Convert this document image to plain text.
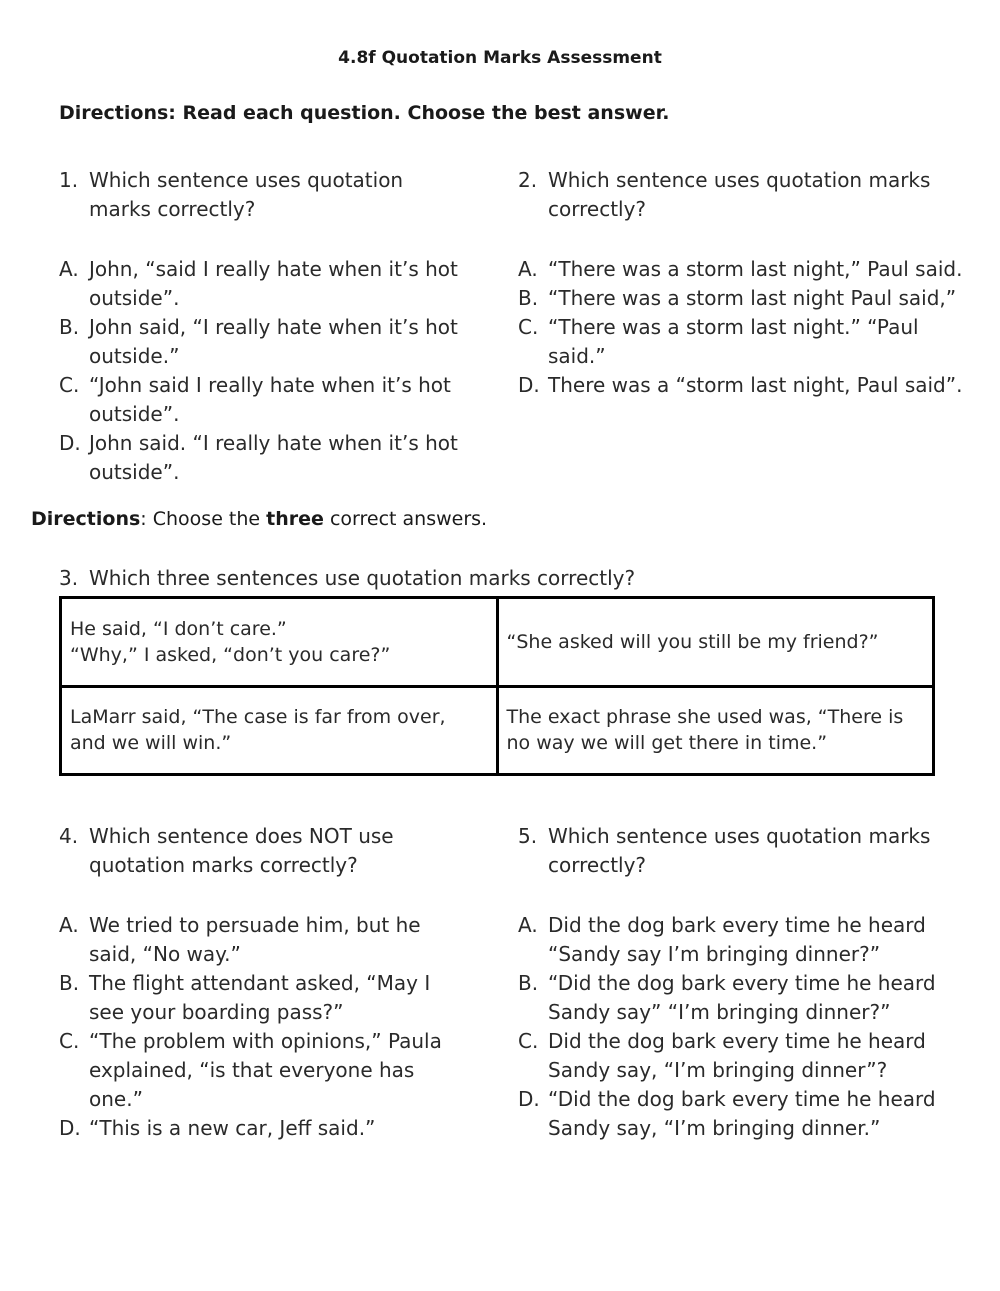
4.8f Quotation Marks Assessment
Directions: Read each question. Choose the best answer.
1. Which sentence uses quotation
marks correctly?
A. John, “said I really hate when it’s hot
outside”.
B. John said, “I really hate when it’s hot
outside.”
C. “John said I really hate when it’s hot
outside”.
D. John said. “I really hate when it’s hot
outside”.
2. Which sentence uses quotation marks
correctly?
A. “There was a storm last night,” Paul said.
B. “There was a storm last night Paul said,”
C. “There was a storm last night.” “Paul
said.”
D. There was a “storm last night, Paul said”.
Directions: Choose the three correct answers.
3. Which three sentences use quotation marks correctly?
He said, “I don’t care.”
“Why,” I asked, “don’t you care?”	“She asked will you still be my friend?”

LaMarr said, “The case is far from over,
and we will win.”	The exact phrase she used was, “There is
no way we will get there in time.”
4. Which sentence does NOT use
quotation marks correctly?
A. We tried to persuade him, but he
said, “No way.”
B. The flight attendant asked, “May I
see your boarding pass?”
C. “The problem with opinions,” Paula
explained, “is that everyone has
one.”
D. “This is a new car, Jeff said.”
5. Which sentence uses quotation marks
correctly?
A. Did the dog bark every time he heard
“Sandy say I’m bringing dinner?”
B. “Did the dog bark every time he heard
Sandy say” “I’m bringing dinner?”
C. Did the dog bark every time he heard
Sandy say, “I’m bringing dinner”?
D. “Did the dog bark every time he heard
Sandy say, “I’m bringing dinner.”
